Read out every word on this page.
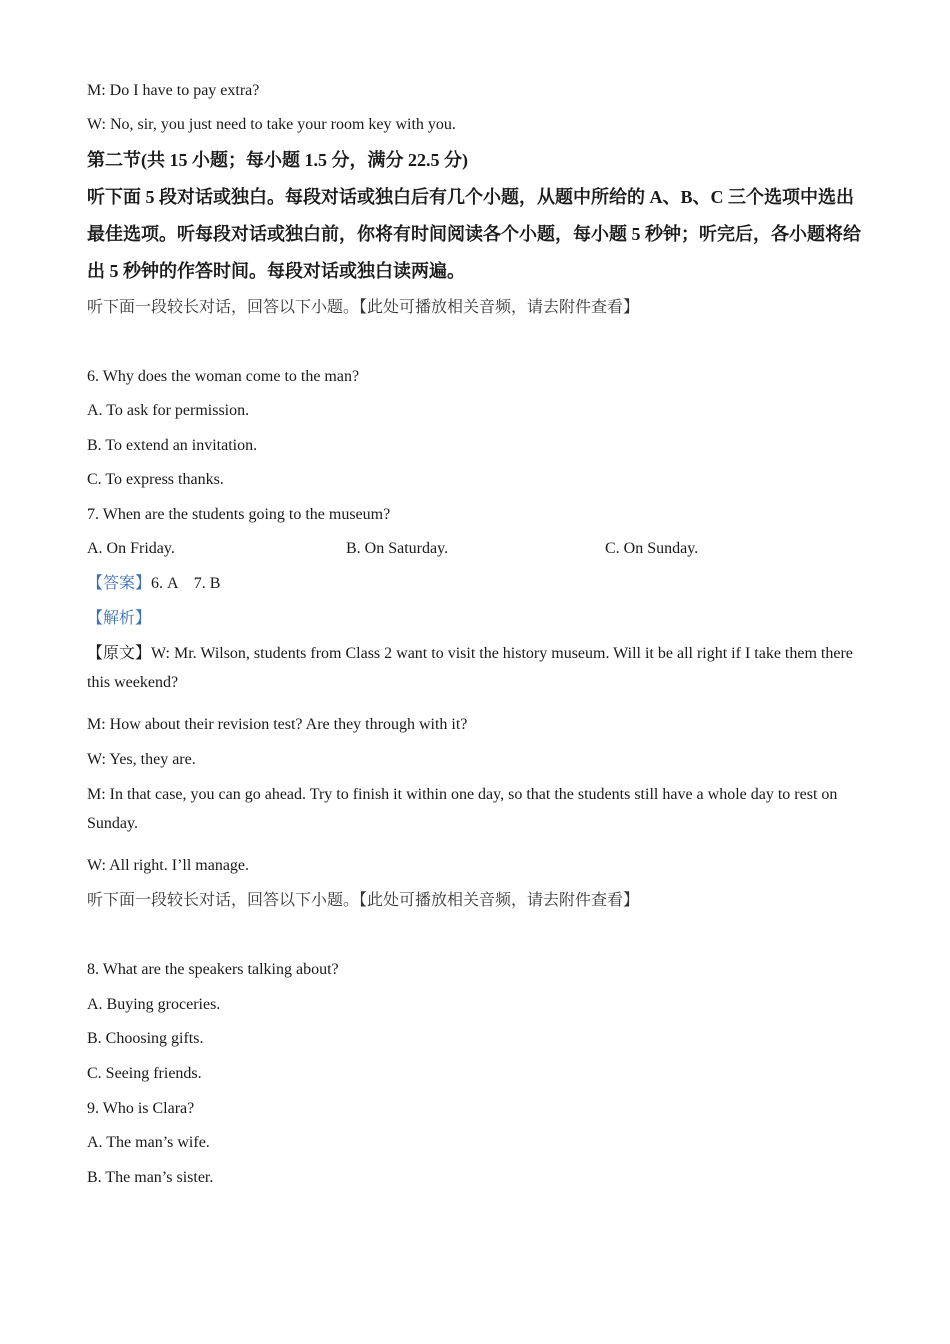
M: Do I have to pay extra?
W: No, sir, you just need to take your room key with you.
第二节(共 15 小题；每小题 1.5 分，满分 22.5 分)
听下面 5 段对话或独白。每段对话或独白后有几个小题，从题中所给的 A、B、C 三个选项中选出最佳选项。听每段对话或独白前，你将有时间阅读各个小题，每小题 5 秒钟；听完后，各小题将给出 5 秒钟的作答时间。每段对话或独白读两遍。
听下面一段较长对话，回答以下小题。【此处可播放相关音频，请去附件查看】
6. Why does the woman come to the man?
A. To ask for permission.
B. To extend an invitation.
C. To express thanks.
7. When are the students going to the museum?
A. On Friday.	B. On Saturday.	C. On Sunday.
【答案】6. A    7. B
【解析】
【原文】W: Mr. Wilson, students from Class 2 want to visit the history museum. Will it be all right if I take them there this weekend?
M: How about their revision test? Are they through with it?
W: Yes, they are.
M: In that case, you can go ahead. Try to finish it within one day, so that the students still have a whole day to rest on Sunday.
W: All right. I’ll manage.
听下面一段较长对话，回答以下小题。【此处可播放相关音频，请去附件查看】
8. What are the speakers talking about?
A. Buying groceries.
B. Choosing gifts.
C. Seeing friends.
9. Who is Clara?
A. The man’s wife.
B. The man’s sister.
